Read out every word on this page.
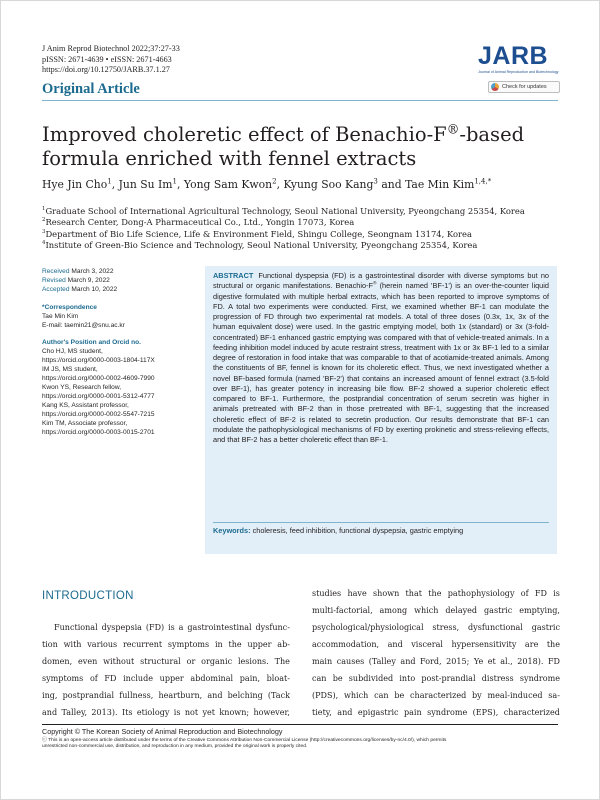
J Anim Reprod Biotechnol 2022;37:27-33
pISSN: 2671-4639 • eISSN: 2671-4663
https://doi.org/10.12750/JARB.37.1.27
Original Article
JARB
Journal of Animal Reproduction and Biotechnology
Check for updates
Improved choleretic effect of Benachio-F®-based
formula enriched with fennel extracts
Hye Jin Cho$^1$, Jun Su Im$^1$, Yong Sam Kwon$^2$, Kyung Soo Kang$^3$ and Tae Min Kim$^{1,4,*}$
$^1$Graduate School of International Agricultural Technology, Seoul National University, Pyeongchang 25354, Korea
$^2$Research Center, Dong-A Pharmaceutical Co., Ltd., Yongin 17073, Korea
$^3$Department of Bio Life Science, Life & Environment Field, Shingu College, Seongnam 13174, Korea
$^4$Institute of Green-Bio Science and Technology, Seoul National University, Pyeongchang 25354, Korea
Received March 3, 2022
Revised March 9, 2022
Accepted March 10, 2022
*Correspondence
Tae Min Kim
E-mail: taemin21@snu.ac.kr
Author's Position and Orcid no.
Cho HJ, MS student,
https://orcid.org/0000-0003-1804-117X
IM JS, MS student,
https://orcid.org/0000-0002-4609-7990
Kwon YS, Research fellow,
https://orcid.org/0000-0001-5312-4777
Kang KS, Assistant professor,
https://orcid.org/0000-0002-5547-7215
Kim TM, Associate professor,
https://orcid.org/0000-0003-0015-2701
ABSTRACT Functional dyspepsia (FD) is a gastrointestinal disorder with diverse symptoms but no structural or organic manifestations. Benachio-F® (herein named 'BF-1') is an over-the-counter liquid digestive formulated with multiple herbal extracts, which has been reported to improve symptoms of FD. A total two experiments were conducted. First, we examined whether BF-1 can modulate the progression of FD through two experimental rat models. A total of three doses (0.3x, 1x, 3x of the human equivalent dose) were used. In the gastric emptying model, both 1x (standard) or 3x (3-fold-concentrated) BF-1 enhanced gastric emptying was compared with that of vehicle-treated animals. In a feeding inhibition model induced by acute restraint stress, treatment with 1x or 3x BF-1 led to a similar degree of restoration in food intake that was comparable to that of acotiamide-treated animals. Among the constituents of BF, fennel is known for its choleretic effect. Thus, we next investigated whether a novel BF-based formula (named 'BF-2') that contains an increased amount of fennel extract (3.5-fold over BF-1), has greater potency in increasing bile flow. BF-2 showed a superior choleretic effect compared to BF-1. Furthermore, the postprandial concentration of serum secretin was higher in animals pretreated with BF-2 than in those pretreated with BF-1, suggesting that the increased choleretic effect of BF-2 is related to secretin production. Our results demonstrate that BF-1 can modulate the pathophysiological mechanisms of FD by exerting prokinetic and stress-relieving effects, and that BF-2 has a better choleretic effect than BF-1.
Keywords: choleresis, feed inhibition, functional dyspepsia, gastric emptying
INTRODUCTION
Functional dyspepsia (FD) is a gastrointestinal dysfunc-
tion with various recurrent symptoms in the upper ab-
domen, even without structural or organic lesions. The
symptoms of FD include upper abdominal pain, bloat-
ing, postprandial fullness, heartburn, and belching (Tack
and Talley, 2013). Its etiology is not yet known; however,
studies have shown that the pathophysiology of FD is
multi-factorial, among which delayed gastric emptying,
psychological/physiological stress, dysfunctional gastric
accommodation, and visceral hypersensitivity are the
main causes (Talley and Ford, 2015; Ye et al., 2018). FD
can be subdivided into post-prandial distress syndrome
(PDS), which can be characterized by meal-induced sa-
tiety, and epigastric pain syndrome (EPS), characterized
Copyright © The Korean Society of Animal Reproduction and Biotechnology
ⓒ This is an open-access article distributed under the terms of the Creative Commons Attribution Non-Commercial License (http://creativecommons.org/licenses/by-nc/4.0/), which permits
unrestricted non-commercial use, distribution, and reproduction in any medium, provided the original work is properly cited.
